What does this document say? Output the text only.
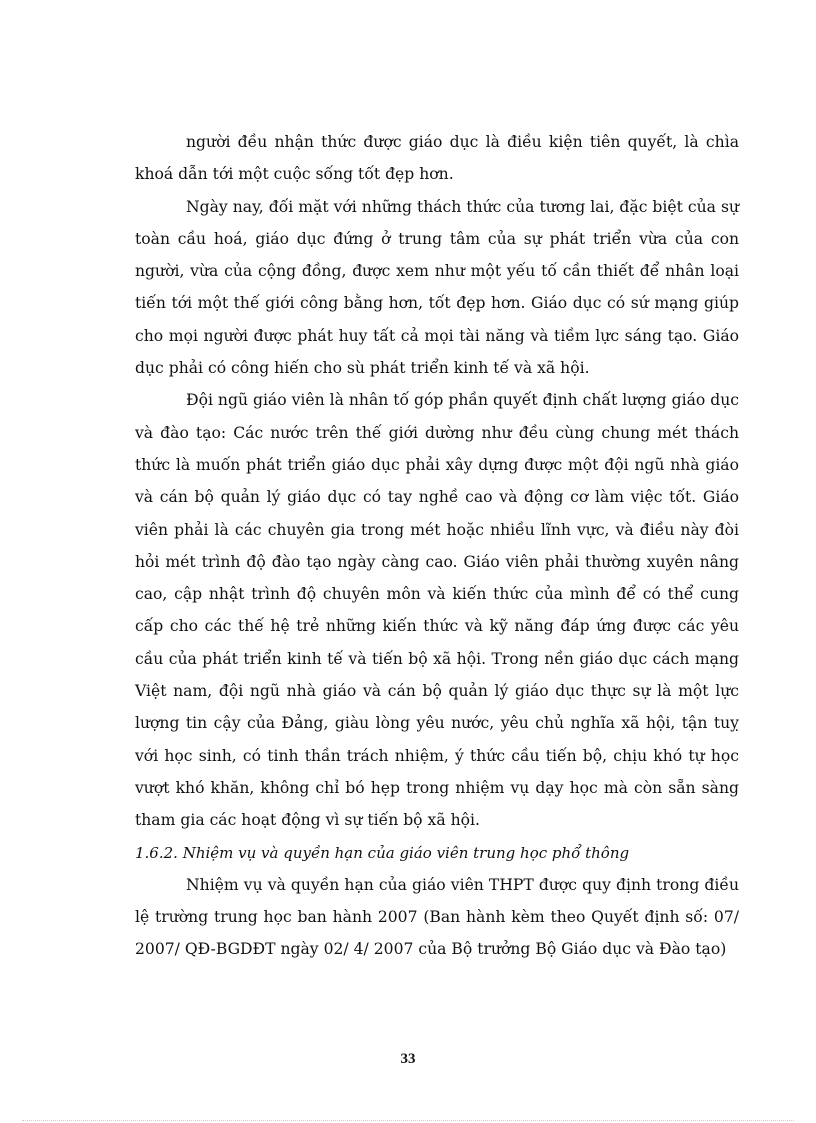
người đều nhận thức được giáo dục là điều kiện tiên quyết, là chìa khoá dẫn tới một cuộc sống tốt đẹp hơn.

Ngày nay, đối mặt với những thách thức của tương lai, đặc biệt của sự toàn cầu hoá, giáo dục đứng ở trung tâm của sự phát triển vừa của con người, vừa của cộng đồng, được xem như một yếu tố cần thiết để nhân loại tiến tới một thế giới công bằng hơn, tốt đẹp hơn. Giáo dục có sứ mạng giúp cho mọi người được phát huy tất cả mọi tài năng và tiềm lực sáng tạo. Giáo dục phải có công hiến cho sù phát triển kinh tế và xã hội.

Đội ngũ giáo viên là nhân tố góp phần quyết định chất lượng giáo dục và đào tạo: Các nước trên thế giới dường như đều cùng chung mét thách thức là muốn phát triển giáo dục phải xây dựng được một đội ngũ nhà giáo và cán bộ quản lý giáo dục có tay nghề cao và động cơ làm việc tốt. Giáo viên phải là các chuyên gia trong mét hoặc nhiều lĩnh vực, và điều này đòi hỏi mét trình độ đào tạo ngày càng cao. Giáo viên phải thường xuyên nâng cao, cập nhật trình độ chuyên môn và kiến thức của mình để có thể cung cấp cho các thế hệ trẻ những kiến thức và kỹ năng đáp ứng được các yêu cầu của phát triển kinh tế và tiến bộ xã hội. Trong nền giáo dục cách mạng Việt nam, đội ngũ nhà giáo và cán bộ quản lý giáo dục thực sự là một lực lượng tin cậy của Đảng, giàu lòng yêu nước, yêu chủ nghĩa xã hội, tận tuỵ với học sinh, có tinh thần trách nhiệm, ý thức cầu tiến bộ, chịu khó tự học vượt khó khăn, không chỉ bó hẹp trong nhiệm vụ dạy học mà còn sẵn sàng tham gia các hoạt động vì sự tiến bộ xã hội.

1.6.2. Nhiệm vụ và quyền hạn của giáo viên trung học phổ thông

Nhiệm vụ và quyền hạn của giáo viên THPT được quy định trong điều lệ trường trung học ban hành 2007 (Ban hành kèm theo Quyết định số: 07/ 2007/ QĐ-BGDĐT ngày 02/ 4/ 2007 của Bộ trưởng Bộ Giáo dục và Đào tạo)

33
